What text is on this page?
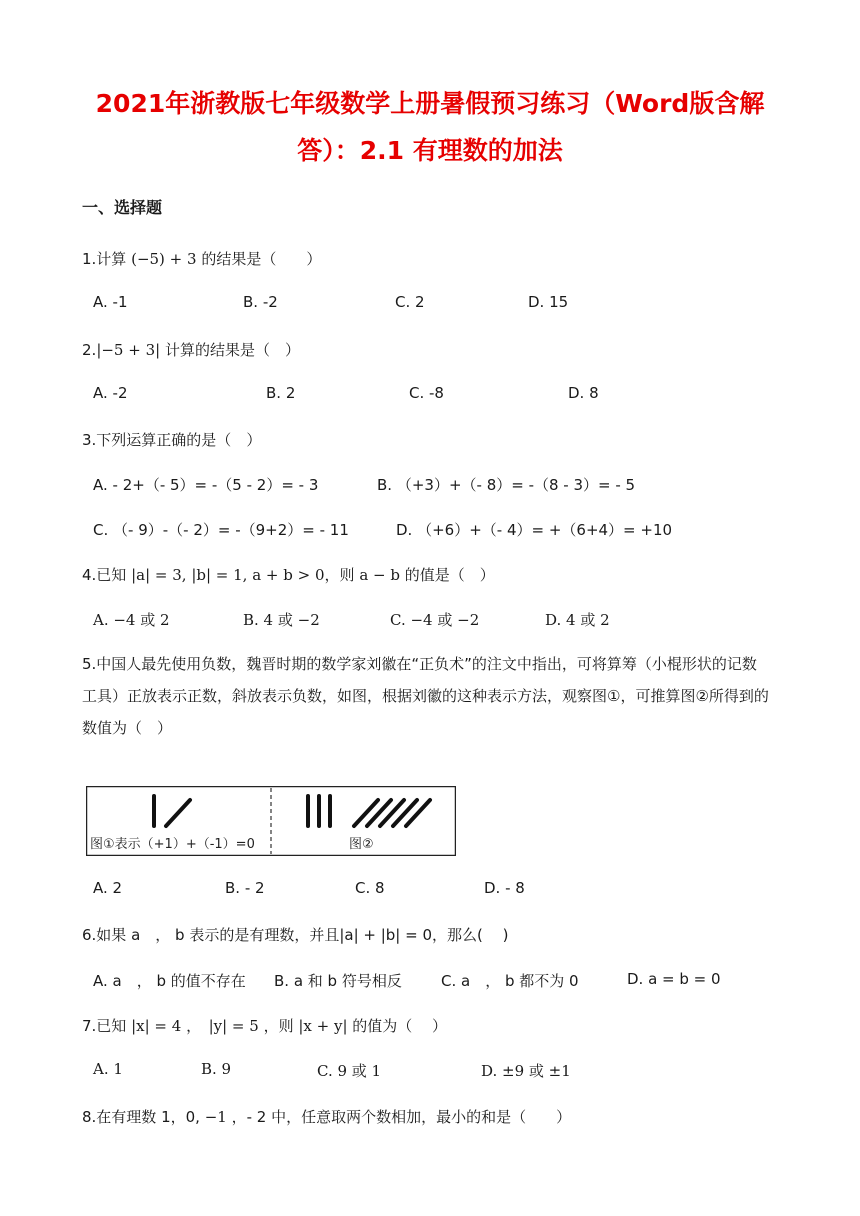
2021年浙教版七年级数学上册暑假预习练习（Word版含解
答）：2.1 有理数的加法
一、选择题
1.计算 (−5) + 3 的结果是（　　）
A. -1	B. -2	C. 2	D. 15
2.|−5 + 3| 计算的结果是（　）
A. -2	B. 2	C. -8	D. 8
3.下列运算正确的是（　）
A. - 2+（- 5）= -（5 - 2）= - 3	B. （+3）+（- 8）= -（8 - 3）= - 5
C. （- 9）-（- 2）= -（9+2）= - 11	D. （+6）+（- 4）= +（6+4）= +10
4.已知 |a| = 3, |b| = 1, a + b > 0，则 a − b 的值是（　）
A. −4 或 2	B. 4 或 −2	C. −4 或 −2	D. 4 或 2
5.中国人最先使用负数，魏晋时期的数学家刘徽在“正负术”的注文中指出，可将算筹（小棍形状的记数
工具）正放表示正数，斜放表示负数，如图，根据刘徽的这种表示方法，观察图①，可推算图②所得到的
数值为（　）
图①表示（+1）+（-1）=0	图②
A. 2	B. - 2	C. 8	D. - 8
6.如果 a　， b 表示的是有理数，并且|a| + |b| = 0，那么(　 )
A. a　， b 的值不存在 B. a 和 b 符号相反	C. a　， b 都不为 0	D. a = b = 0
7.已知 |x| = 4 ，　|y| = 5 ，则 |x + y| 的值为（　 ）
A. 1	B. 9	C. 9 或 1	D. ±9 或 ±1
8.在有理数 1，0, −1 ，- 2 中，任意取两个数相加，最小的和是（　　）
